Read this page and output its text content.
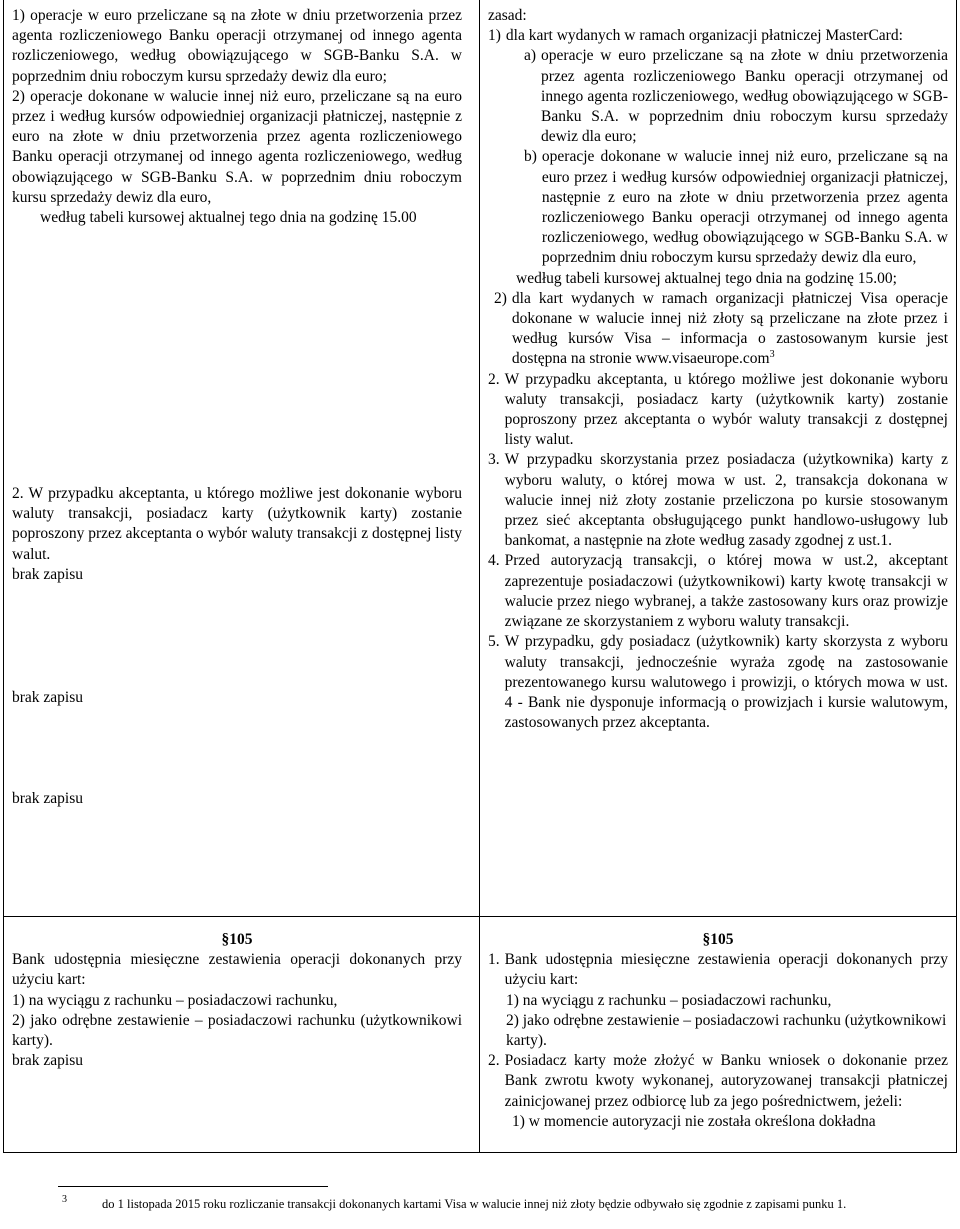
1) operacje w euro przeliczane są na złote w dniu przetworzenia przez agenta rozliczeniowego Banku operacji otrzymanej od innego agenta rozliczeniowego, według obowiązującego w SGB-Banku S.A. w poprzednim dniu roboczym kursu sprzedaży dewiz dla euro;

2) operacje dokonane w walucie innej niż euro, przeliczane są na euro przez i według kursów odpowiedniej organizacji płatniczej, następnie z euro na złote w dniu przetworzenia przez agenta rozliczeniowego Banku operacji otrzymanej od innego agenta rozliczeniowego, według obowiązującego w SGB-Banku S.A. w poprzednim dniu roboczym kursu sprzedaży dewiz dla euro,

według tabeli kursowej aktualnej tego dnia na godzinę 15.00

2. W przypadku akceptanta, u którego możliwe jest dokonanie wyboru waluty transakcji, posiadacz karty (użytkownik karty) zostanie poproszony przez akceptanta o wybór waluty transakcji z dostępnej listy walut.

brak zapisu

brak zapisu

brak zapisu

§105

Bank udostępnia miesięczne zestawienia operacji dokonanych przy użyciu kart:

1) na wyciągu z rachunku – posiadaczowi rachunku,

2) jako odrębne zestawienie – posiadaczowi rachunku (użytkownikowi karty).

brak zapisu

zasad:

1) dla kart wydanych w ramach organizacji płatniczej MasterCard:
a) operacje w euro przeliczane są na złote w dniu przetworzenia przez agenta rozliczeniowego Banku operacji otrzymanej od innego agenta rozliczeniowego, według obowiązującego w SGB-Banku S.A. w poprzednim dniu roboczym kursu sprzedaży dewiz dla euro;
b) operacje dokonane w walucie innej niż euro, przeliczane są na euro przez i według kursów odpowiedniej organizacji płatniczej, następnie z euro na złote w dniu przetworzenia przez agenta rozliczeniowego Banku operacji otrzymanej od innego agenta rozliczeniowego, według obowiązującego w SGB-Banku S.A. w poprzednim dniu roboczym kursu sprzedaży dewiz dla euro,

według tabeli kursowej aktualnej tego dnia na godzinę 15.00;

2) dla kart wydanych w ramach organizacji płatniczej Visa operacje dokonane w walucie innej niż złoty są przeliczane na złote przez i według kursów Visa – informacja o zastosowanym kursie jest dostępna na stronie www.visaeurope.com$^3$
2. W przypadku akceptanta, u którego możliwe jest dokonanie wyboru waluty transakcji, posiadacz karty (użytkownik karty) zostanie poproszony przez akceptanta o wybór waluty transakcji z dostępnej listy walut.
3. W przypadku skorzystania przez posiadacza (użytkownika) karty z wyboru waluty, o której mowa w ust. 2, transakcja dokonana w walucie innej niż złoty zostanie przeliczona po kursie stosowanym przez sieć akceptanta obsługującego punkt handlowo-usługowy lub bankomat, a następnie na złote według zasady zgodnej z ust.1.
4. Przed autoryzacją transakcji, o której mowa w ust.2, akceptant zaprezentuje posiadaczowi (użytkownikowi) karty kwotę transakcji w walucie przez niego wybranej, a także zastosowany kurs oraz prowizje związane ze skorzystaniem z wyboru waluty transakcji.
5. W przypadku, gdy posiadacz (użytkownik) karty skorzysta z wyboru waluty transakcji, jednocześnie wyraża zgodę na zastosowanie prezentowanego kursu walutowego i prowizji, o których mowa w ust. 4 - Bank nie dysponuje informacją o prowizjach i kursie walutowym, zastosowanych przez akceptanta.

§105

1. Bank udostępnia miesięczne zestawienia operacji dokonanych przy użyciu kart:

1) na wyciągu z rachunku – posiadaczowi rachunku,

2) jako odrębne zestawienie – posiadaczowi rachunku (użytkownikowi karty).
2. Posiadacz karty może złożyć w Banku wniosek o dokonanie przez Bank zwrotu kwoty wykonanej, autoryzowanej transakcji płatniczej zainicjowanej przez odbiorcę lub za jego pośrednictwem, jeżeli:

1) w momencie autoryzacji nie została określona dokładna

3	do 1 listopada 2015 roku rozliczanie transakcji dokonanych kartami Visa w walucie innej niż złoty będzie odbywało się zgodnie z zapisami punku 1.
